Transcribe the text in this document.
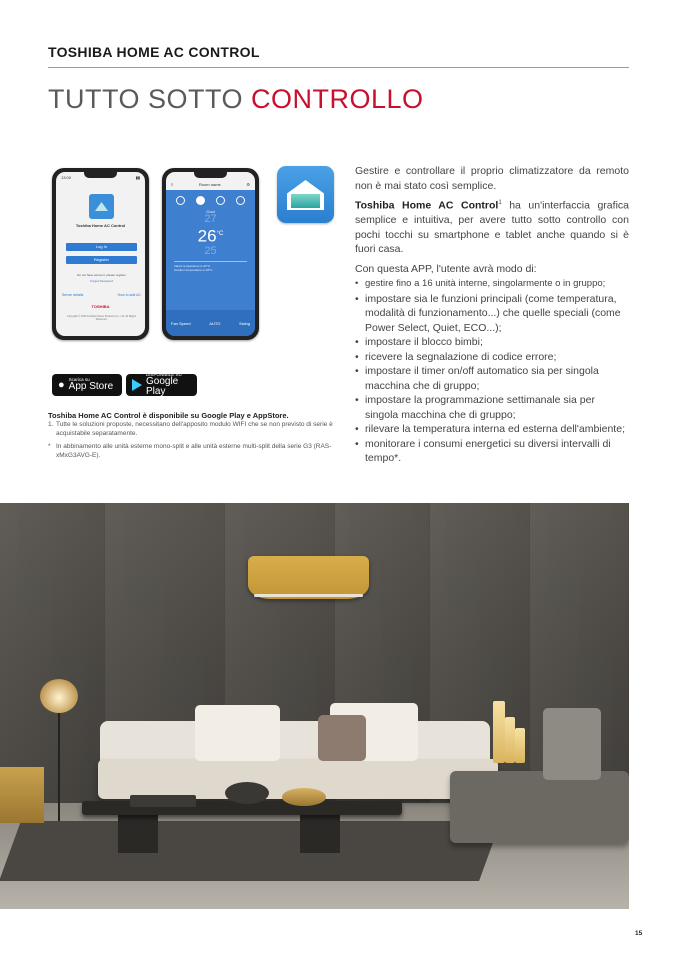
TOSHIBA HOME AC CONTROL
TUTTO SOTTO CONTROLLO
13:00	▮▮
Toshiba Home AC Control
Log In
Register
Do not have account, please register
Forgot Password
Server details	How to add AC
TOSHIBA
Copyright © 2019 Toshiba Carrier Products Co., Ltd. All Rights Reserved.
≡	Room name	⚙
Cool
27
$26^{^\circ C}$
25
Indoor temperature is 22°C
Outdoor temperature is 18°C
Fan Speed	AUTO	Swing
● Scarica su
App Store
DISPONIBILE SU
Google Play
Toshiba Home AC Control è disponibile su Google Play e AppStore.
1. Tutte le soluzioni proposte, necessitano dell'apposito modulo WIFI che se non previsto di serie è acquistabile separatamente.
* In abbinamento alle unità esterne mono-split e alle unità esterne multi-split della serie G3 (RAS-xMxG3AVG-E).

Gestire e controllare il proprio climatizzatore da remoto non è mai stato così semplice.

Toshiba Home AC Control$^1$ ha un'interfaccia grafica semplice e intuitiva, per avere tutto sotto controllo con pochi tocchi su smartphone e tablet anche quando si è fuori casa.

Con questa APP, l'utente avrà modo di:

• gestire fino a 16 unità interne, singolarmente o in gruppo;
• impostare sia le funzioni principali (come temperatura, modalità di funzionamento...) che quelle speciali (come Power Select, Quiet, ECO...);
• impostare il blocco bimbi;
• ricevere la segnalazione di codice errore;
• impostare il timer on/off automatico sia per singola macchina che di gruppo;
• impostare la programmazione settimanale sia per singola macchina che di gruppo;
• rilevare la temperatura interna ed esterna dell'ambiente;
• monitorare i consumi energetici su diversi intervalli di tempo*.
15
